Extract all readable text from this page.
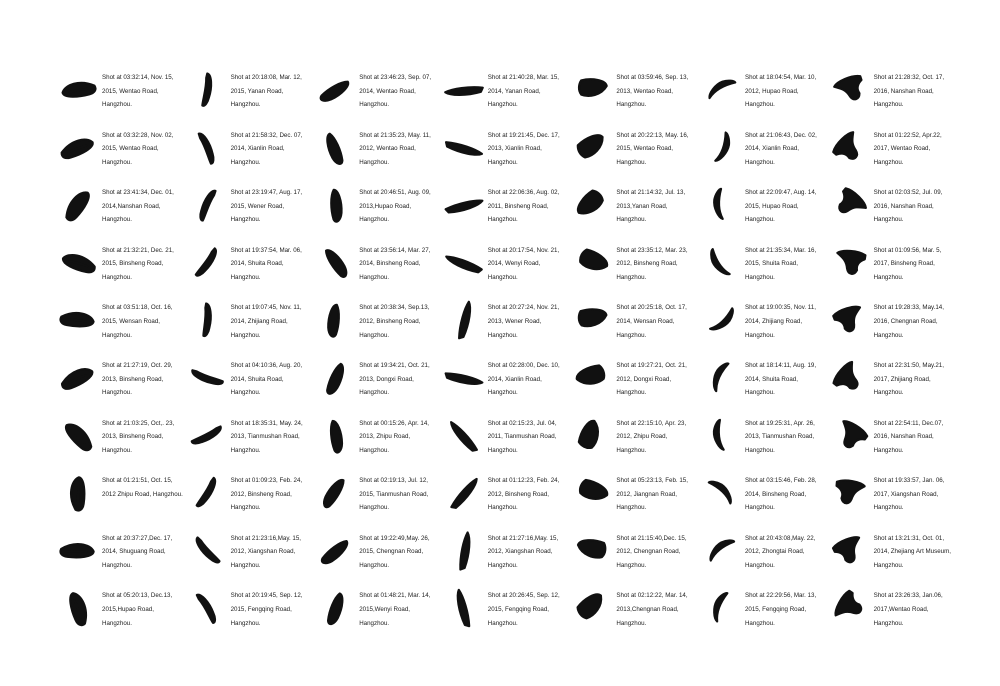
Shot at 03:32:14, Nov. 15, 2015, Wentao Road, Hangzhou.
Shot at 20:18:08, Mar. 12, 2015, Yanan Road, Hangzhou.
Shot at 23:46:23, Sep. 07, 2014, Wentao Road, Hangzhou.
Shot at 21:40:28, Mar. 15, 2014, Yanan Road, Hangzhou.
Shot at 03:59:46, Sep. 13, 2013, Wentao Road, Hangzhou.
Shot at 18:04:54, Mar. 10, 2012, Hupao Road, Hangzhou.
Shot at 21:28:32, Oct. 17, 2016, Nanshan Road, Hangzhou.
Shot at 03:32:28, Nov. 02, 2015, Wentao Road, Hangzhou.
Shot at 21:58:32, Dec. 07, 2014, Xianlin Road, Hangzhou.
Shot at 21:35:23, May. 11, 2012, Wentao Road, Hangzhou.
Shot at 19:21:45, Dec. 17, 2013, Xianlin Road, Hangzhou.
Shot at 20:22:13, May. 16, 2015, Wentao Road, Hangzhou.
Shot at 21:06:43, Dec. 02, 2014, Xianlin Road, Hangzhou.
Shot at 01:22:52, Apr.22, 2017, Wentao Road, Hangzhou.
Shot at 23:41:34, Dec. 01, 2014,Nanshan Road, Hangzhou.
Shot at 23:19:47, Aug. 17, 2015, Wener Road, Hangzhou.
Shot at 20:46:51, Aug. 09, 2013,Hupao Road, Hangzhou.
Shot at 22:06:36, Aug. 02, 2011, Binsheng Road, Hangzhou.
Shot at 21:14:32, Jul. 13, 2013,Yanan Road, Hangzhou.
Shot at 22:09:47, Aug. 14, 2015, Hupao Road, Hangzhou.
Shot at 02:03:52, Jul. 09, 2016, Nanshan Road, Hangzhou.
Shot at 21:32:21, Dec. 21, 2015, Binsheng Road, Hangzhou.
Shot at 19:37:54, Mar. 06, 2014, Shuita Road, Hangzhou.
Shot at 23:56:14, Mar. 27, 2014, Binsheng Road, Hangzhou.
Shot at 20:17:54, Nov. 21, 2014, Wenyi Road, Hangzhou.
Shot at 23:35:12, Mar. 23, 2012, Binsheng Road, Hangzhou.
Shot at 21:35:34, Mar. 16, 2015, Shuita Road, Hangzhou.
Shot at 01:09:56, Mar. 5, 2017, Binsheng Road, Hangzhou.
Shot at 03:51:18, Oct. 16, 2015, Wensan Road, Hangzhou.
Shot at 19:07:45, Nov. 11, 2014, Zhijiang Road, Hangzhou.
Shot at 20:38:34, Sep.13, 2012, Binsheng Road, Hangzhou.
Shot at 20:27:24, Nov. 21, 2013, Wener Road, Hangzhou.
Shot at 20:25:18, Oct. 17, 2014, Wensan Road, Hangzhou.
Shot at 19:00:35, Nov. 11, 2014, Zhijiang Road, Hangzhou.
Shot at 19:28:33, May.14, 2016, Chengnan Road, Hangzhou.
Shot at 21:27:19, Oct. 29, 2013, Binsheng Road, Hangzhou.
Shot at 04:10:36, Aug. 20, 2014, Shuita Road, Hangzhou.
Shot at 19:34:21, Oct. 21, 2013, Dongxi Road, Hangzhou.
Shot at 02:28:00, Dec. 10, 2014, Xianlin Road, Hangzhou.
Shot at 19:27:21, Oct. 21, 2012, Dongxi Road, Hangzhou.
Shot at 18:14:11, Aug. 19, 2014, Shuita Road, Hangzhou.
Shot at 22:31:50, May.21, 2017, Zhijiang Road, Hangzhou.
Shot at 21:03:25, Oct,. 23, 2013, Binsheng Road, Hangzhou.
Shot at 18:35:31, May. 24, 2013, Tianmushan Road, Hangzhou.
Shot at 00:15:26, Apr. 14, 2013, Zhipu Road, Hangzhou.
Shot at 02:15:23, Jul. 04, 2011, Tianmushan Road, Hangzhou.
Shot at 22:15:10, Apr. 23, 2012, Zhipu Road, Hangzhou.
Shot at 19:25:31, Apr. 26, 2013, Tianmushan Road, Hangzhou.
Shot at 22:54:11, Dec.07, 2016, Nanshan Road, Hangzhou.
Shot at 01:21:51, Oct. 15, 2012 Zhipu Road, Hangzhou.
Shot at 01:09:23, Feb. 24, 2012, Binsheng Road, Hangzhou.
Shot at 02:19:13, Jul. 12, 2015, Tianmushan Road, Hangzhou.
Shot at 01:12:23, Feb. 24, 2012, Binsheng Road, Hangzhou.
Shot at 05:23:13, Feb. 15, 2012, Jiangnan Road, Hangzhou.
Shot at 03:15:46, Feb. 28, 2014, Binsheng Road, Hangzhou.
Shot at 19:33:57, Jan. 06, 2017, Xiangshan Road, Hangzhou.
Shot at 20:37:27,Dec. 17, 2014, Shuguang Road, Hangzhou.
Shot at 21:23:16,May. 15, 2012, Xiangshan Road, Hangzhou.
Shot at 19:22:49,May. 26, 2015, Chengnan Road, Hangzhou.
Shot at 21:27:16,May. 15, 2012, Xiangshan Road, Hangzhou.
Shot at 21:15:40,Dec. 15, 2012, Chengnan Road, Hangzhou.
Shot at 20:43:08,May. 22, 2012, Zhongtai Road, Hangzhou.
Shot at 13:21:31, Oct. 01, 2014, Zhejiang Art Museum, Hangzhou.
Shot at 05:20:13, Dec.13, 2015,Hupao Road, Hangzhou.
Shot at 20:19:45, Sep. 12, 2015, Fengqing Road, Hangzhou.
Shot at 01:48:21, Mar. 14, 2015,Wenyi Road, Hangzhou.
Shot at 20:26:45, Sep. 12, 2015, Fengqing Road, Hangzhou.
Shot at 02:12:22, Mar. 14, 2013,Chengnan Road, Hangzhou.
Shot at 22:29:56, Mar. 13, 2015, Fengqing Road, Hangzhou.
Shot at 23:26:33, Jan.06, 2017,Wentao Road, Hangzhou.
